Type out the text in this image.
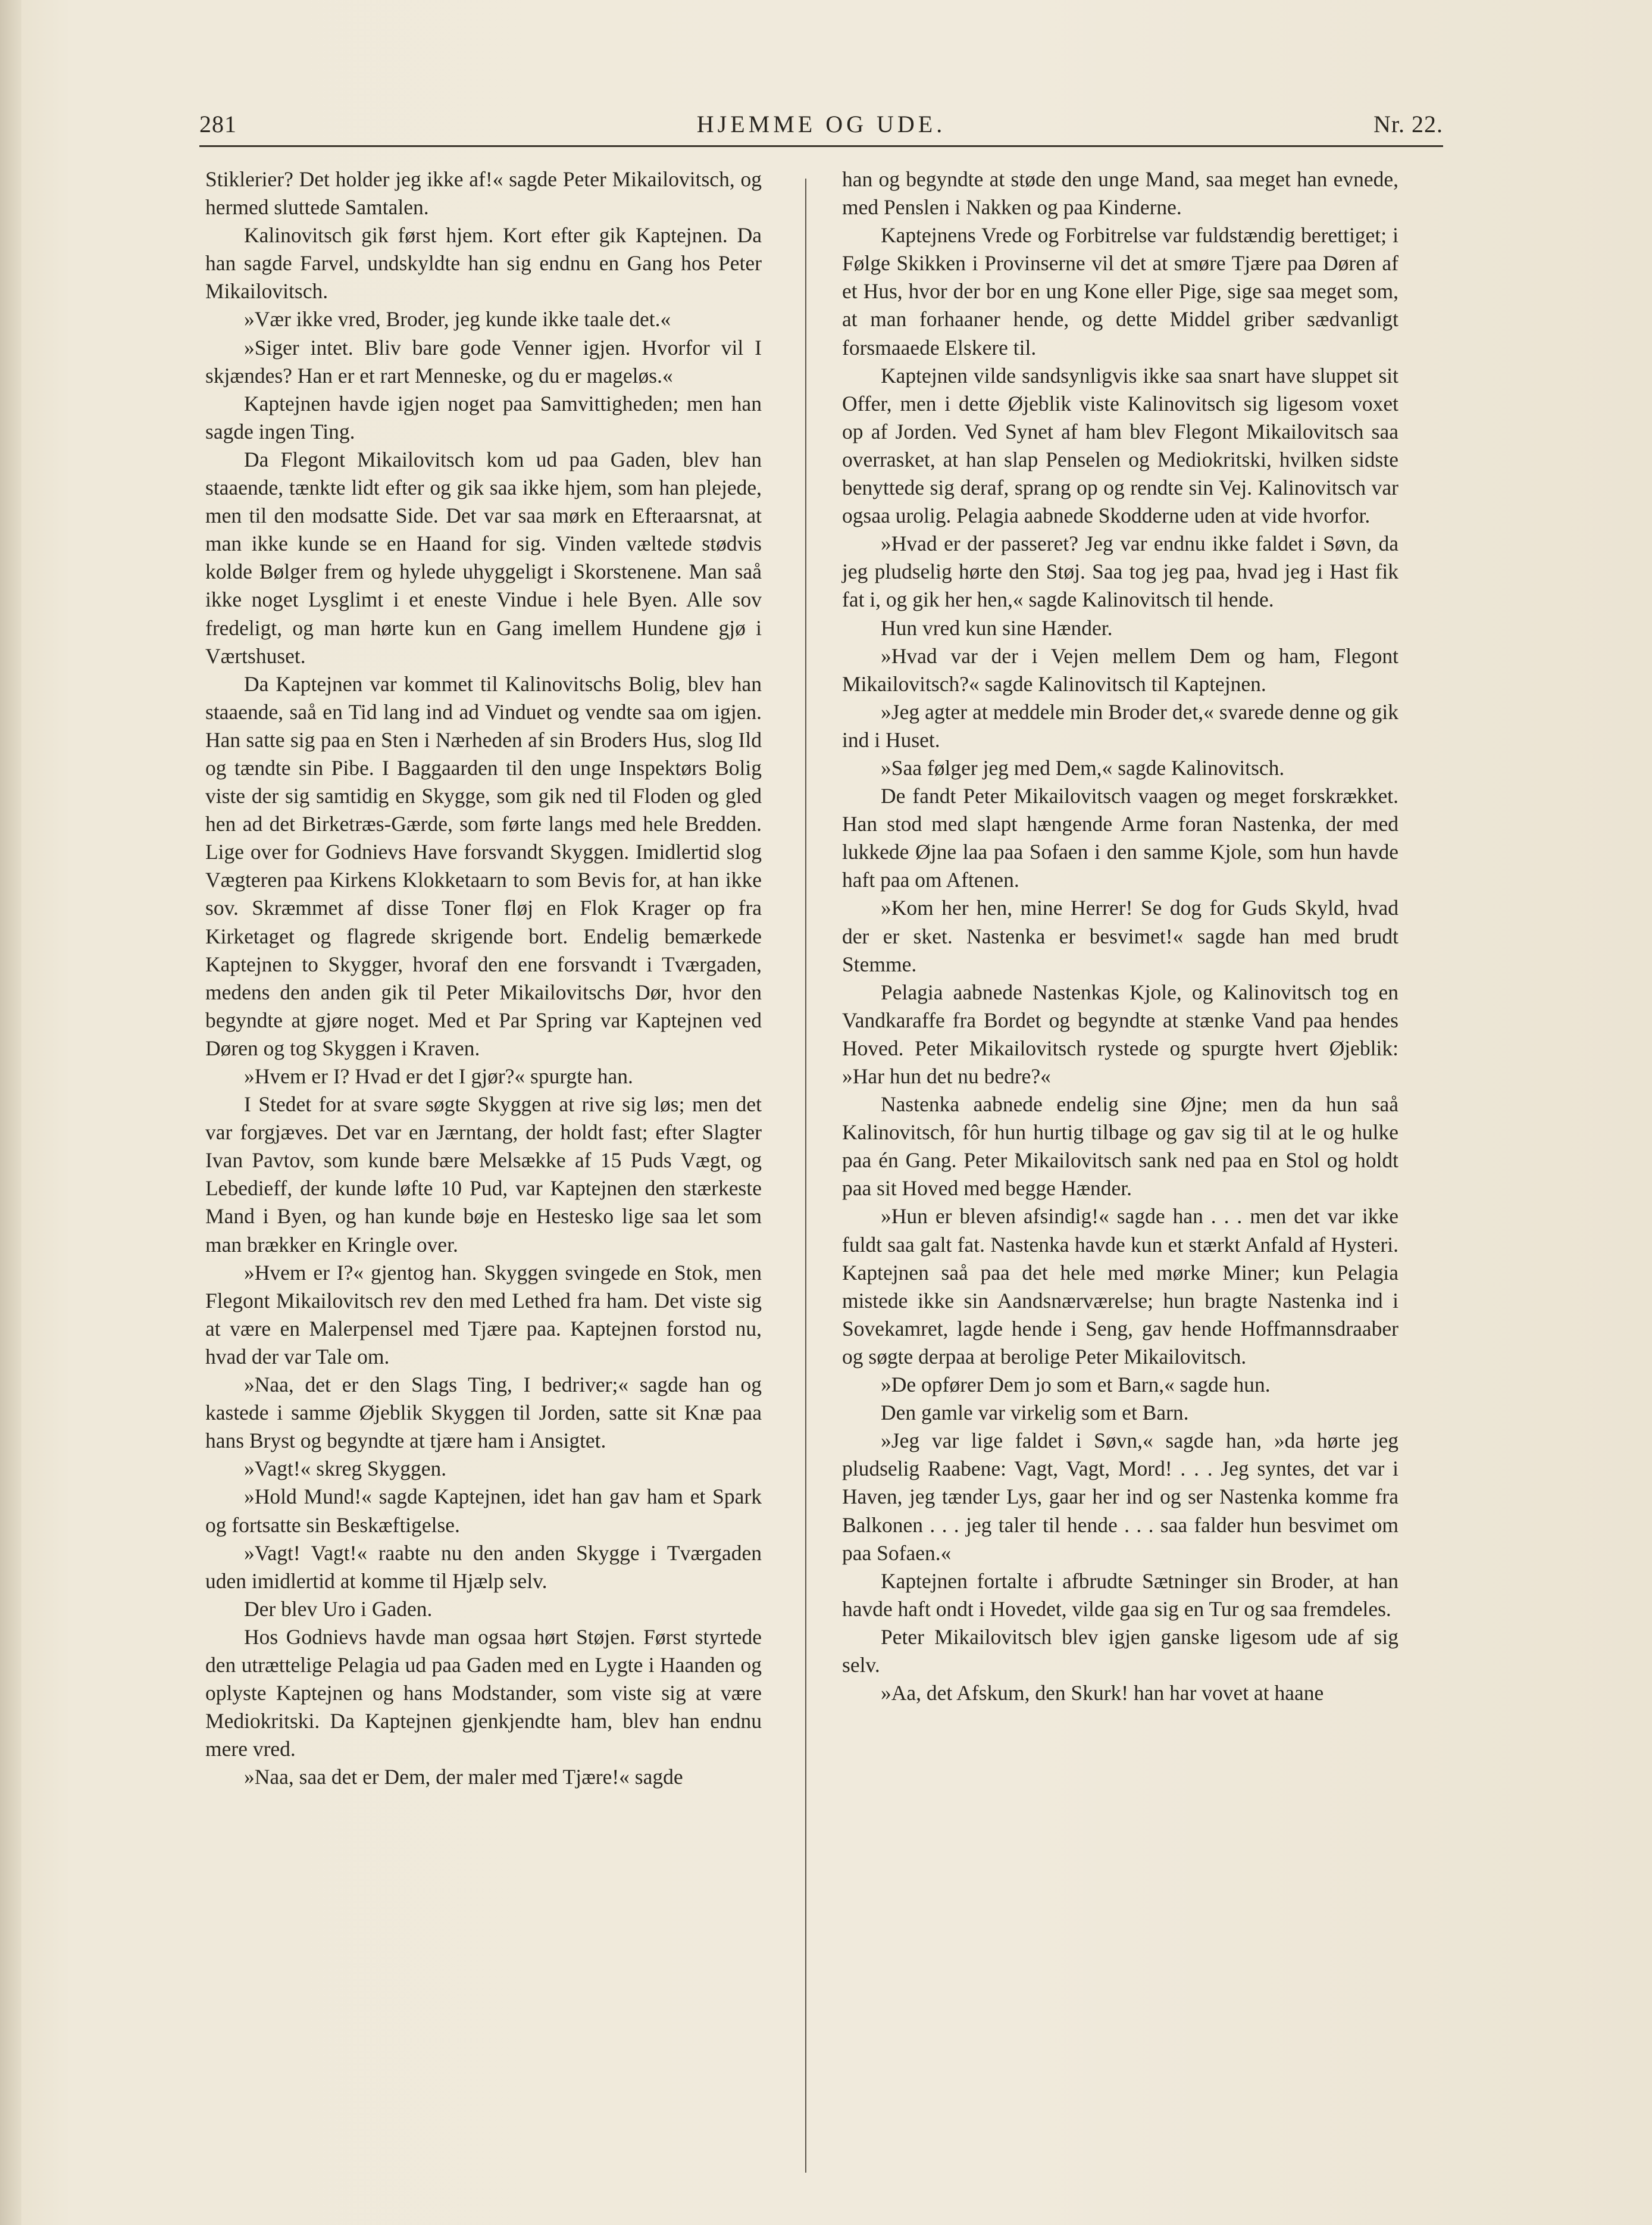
HJEMME OG UDE.
281	Nr. 22.

Stiklerier? Det holder jeg ikke af!« sagde Peter Mikailovitsch, og hermed sluttede Samtalen.

Kalinovitsch gik først hjem. Kort efter gik Kaptejnen. Da han sagde Farvel, undskyldte han sig endnu en Gang hos Peter Mikailovitsch.

»Vær ikke vred, Broder, jeg kunde ikke taale det.«

»Siger intet. Bliv bare gode Venner igjen. Hvorfor vil I skjændes? Han er et rart Menneske, og du er mageløs.«

Kaptejnen havde igjen noget paa Samvittigheden; men han sagde ingen Ting.

Da Flegont Mikailovitsch kom ud paa Gaden, blev han staaende, tænkte lidt efter og gik saa ikke hjem, som han plejede, men til den modsatte Side. Det var saa mørk en Efteraarsnat, at man ikke kunde se en Haand for sig. Vinden væltede stødvis kolde Bølger frem og hylede uhyggeligt i Skorstenene. Man saå ikke noget Lysglimt i et eneste Vindue i hele Byen. Alle sov fredeligt, og man hørte kun en Gang imellem Hundene gjø i Værtshuset.

Da Kaptejnen var kommet til Kalinovitschs Bolig, blev han staaende, saå en Tid lang ind ad Vinduet og vendte saa om igjen. Han satte sig paa en Sten i Nærheden af sin Broders Hus, slog Ild og tændte sin Pibe. I Baggaarden til den unge Inspektørs Bolig viste der sig samtidig en Skygge, som gik ned til Floden og gled hen ad det Birketræs-Gærde, som førte langs med hele Bredden. Lige over for Godnievs Have forsvandt Skyggen. Imidlertid slog Vægteren paa Kirkens Klokketaarn to som Bevis for, at han ikke sov. Skræmmet af disse Toner fløj en Flok Krager op fra Kirketaget og flagrede skrigende bort. Endelig bemærkede Kaptejnen to Skygger, hvoraf den ene forsvandt i Tværgaden, medens den anden gik til Peter Mikailovitschs Dør, hvor den begyndte at gjøre noget. Med et Par Spring var Kaptejnen ved Døren og tog Skyggen i Kraven.

»Hvem er I? Hvad er det I gjør?« spurgte han.

I Stedet for at svare søgte Skyggen at rive sig løs; men det var forgjæves. Det var en Jærntang, der holdt fast; efter Slagter Ivan Pavtov, som kunde bære Melsække af 15 Puds Vægt, og Lebedieff, der kunde løfte 10 Pud, var Kaptejnen den stærkeste Mand i Byen, og han kunde bøje en Hestesko lige saa let som man brækker en Kringle over.

»Hvem er I?« gjentog han. Skyggen svingede en Stok, men Flegont Mikailovitsch rev den med Lethed fra ham. Det viste sig at være en Malerpensel med Tjære paa. Kaptejnen forstod nu, hvad der var Tale om.

»Naa, det er den Slags Ting, I bedriver;« sagde han og kastede i samme Øjeblik Skyggen til Jorden, satte sit Knæ paa hans Bryst og begyndte at tjære ham i Ansigtet.

»Vagt!« skreg Skyggen.

»Hold Mund!« sagde Kaptejnen, idet han gav ham et Spark og fortsatte sin Beskæftigelse.

»Vagt! Vagt!« raabte nu den anden Skygge i Tværgaden uden imidlertid at komme til Hjælp selv.

Der blev Uro i Gaden.

Hos Godnievs havde man ogsaa hørt Støjen. Først styrtede den utrættelige Pelagia ud paa Gaden med en Lygte i Haanden og oplyste Kaptejnen og hans Modstander, som viste sig at være Mediokritski. Da Kaptejnen gjenkjendte ham, blev han endnu mere vred.

»Naa, saa det er Dem, der maler med Tjære!« sagde

han og begyndte at støde den unge Mand, saa meget han evnede, med Penslen i Nakken og paa Kinderne.

Kaptejnens Vrede og Forbitrelse var fuldstændig berettiget; i Følge Skikken i Provinserne vil det at smøre Tjære paa Døren af et Hus, hvor der bor en ung Kone eller Pige, sige saa meget som, at man forhaaner hende, og dette Middel griber sædvanligt forsmaaede Elskere til.

Kaptejnen vilde sandsynligvis ikke saa snart have sluppet sit Offer, men i dette Øjeblik viste Kalinovitsch sig ligesom voxet op af Jorden. Ved Synet af ham blev Flegont Mikailovitsch saa overrasket, at han slap Penselen og Mediokritski, hvilken sidste benyttede sig deraf, sprang op og rendte sin Vej. Kalinovitsch var ogsaa urolig. Pelagia aabnede Skodderne uden at vide hvorfor.

»Hvad er der passeret? Jeg var endnu ikke faldet i Søvn, da jeg pludselig hørte den Støj. Saa tog jeg paa, hvad jeg i Hast fik fat i, og gik her hen,« sagde Kalinovitsch til hende.

Hun vred kun sine Hænder.

»Hvad var der i Vejen mellem Dem og ham, Flegont Mikailovitsch?« sagde Kalinovitsch til Kaptejnen.

»Jeg agter at meddele min Broder det,« svarede denne og gik ind i Huset.

»Saa følger jeg med Dem,« sagde Kalinovitsch.

De fandt Peter Mikailovitsch vaagen og meget forskrækket. Han stod med slapt hængende Arme foran Nastenka, der med lukkede Øjne laa paa Sofaen i den samme Kjole, som hun havde haft paa om Aftenen.

»Kom her hen, mine Herrer! Se dog for Guds Skyld, hvad der er sket. Nastenka er besvimet!« sagde han med brudt Stemme.

Pelagia aabnede Nastenkas Kjole, og Kalinovitsch tog en Vandkaraffe fra Bordet og begyndte at stænke Vand paa hendes Hoved. Peter Mikailovitsch rystede og spurgte hvert Øjeblik: »Har hun det nu bedre?«

Nastenka aabnede endelig sine Øjne; men da hun saå Kalinovitsch, fôr hun hurtig tilbage og gav sig til at le og hulke paa én Gang. Peter Mikailovitsch sank ned paa en Stol og holdt paa sit Hoved med begge Hænder.

»Hun er bleven afsindig!« sagde han . . . men det var ikke fuldt saa galt fat. Nastenka havde kun et stærkt Anfald af Hysteri. Kaptejnen saå paa det hele med mørke Miner; kun Pelagia mistede ikke sin Aandsnærværelse; hun bragte Nastenka ind i Sovekamret, lagde hende i Seng, gav hende Hoffmannsdraaber og søgte derpaa at berolige Peter Mikailovitsch.

»De opfører Dem jo som et Barn,« sagde hun.

Den gamle var virkelig som et Barn.

»Jeg var lige faldet i Søvn,« sagde han, »da hørte jeg pludselig Raabene: Vagt, Vagt, Mord! . . . Jeg syntes, det var i Haven, jeg tænder Lys, gaar her ind og ser Nastenka komme fra Balkonen . . . jeg taler til hende . . . saa falder hun besvimet om paa Sofaen.«

Kaptejnen fortalte i afbrudte Sætninger sin Broder, at han havde haft ondt i Hovedet, vilde gaa sig en Tur og saa fremdeles.

Peter Mikailovitsch blev igjen ganske ligesom ude af sig selv.

»Aa, det Afskum, den Skurk! han har vovet at haane
